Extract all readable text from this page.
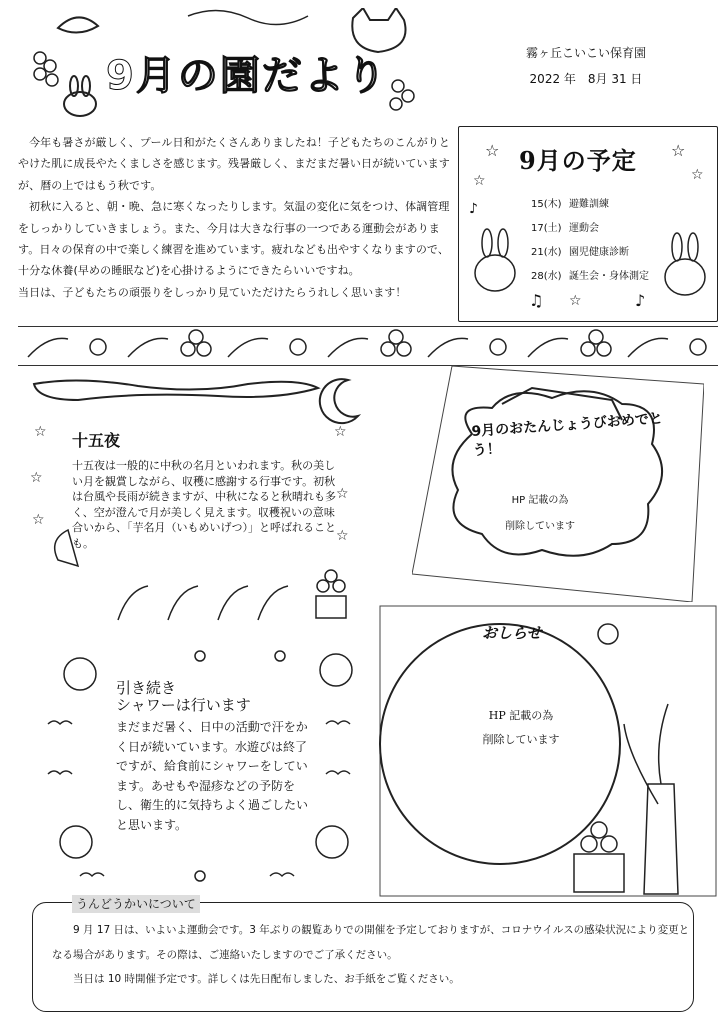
9月の園だより	霧ヶ丘こいこい保育園
2022 年　8月 31 日

今年も暑さが厳しく、プール日和がたくさんありましたね！子どもたちのこんがりとやけた肌に成長やたくましさを感じます。残暑厳しく、まだまだ暑い日が続いていますが、暦の上ではもう秋です。

初秋に入ると、朝・晩、急に寒くなったりします。気温の変化に気をつけ、体調管理をしっかりしていきましょう。また、今月は大きな行事の一つである運動会があります。日々の保育の中で楽しく練習を進めています。疲れなども出やすくなりますので、十分な休養(早めの睡眠など)を心掛けるようにできたらいいですね。

当日は、子どもたちの頑張りをしっかり見ていただけたらうれしく思います！

9月の予定
☆	☆
☆	☆
♪
♫ ☆	♪
15(木) 避難訓練
17(土) 運動会
21(水) 園児健康診断
28(水) 誕生会・身体測定
☆	☆
☆
☆
☆
☆
十五夜
十五夜は一般的に中秋の名月といわれます。秋の美しい月を観賞しながら、収穫に感謝する行事です。初秋は台風や長雨が続きますが、中秋になると秋晴れも多く、空が澄んで月が美しく見えます。収穫祝いの意味合いから、「芋名月（いもめいげつ）」と呼ばれることも。
9月のおたんじょうびおめでとう！
HP 記載の為
削除しています
引き続き
シャワーは行います
まだまだ暑く、日中の活動で汗をかく日が続いています。水遊びは終了ですが、給食前にシャワーをしています。あせもや湿疹などの予防をし、衛生的に気持ちよく過ごしたいと思います。
おしらせ
HP 記載の為
削除しています
うんどうかいについて

9 月 17 日は、いよいよ運動会です。3 年ぶりの観覧ありでの開催を予定しておりますが、コロナウイルスの感染状況により変更となる場合があります。その際は、ご連絡いたしますのでご了承ください。

当日は 10 時開催予定です。詳しくは先日配布しました、お手紙をご覧ください。
